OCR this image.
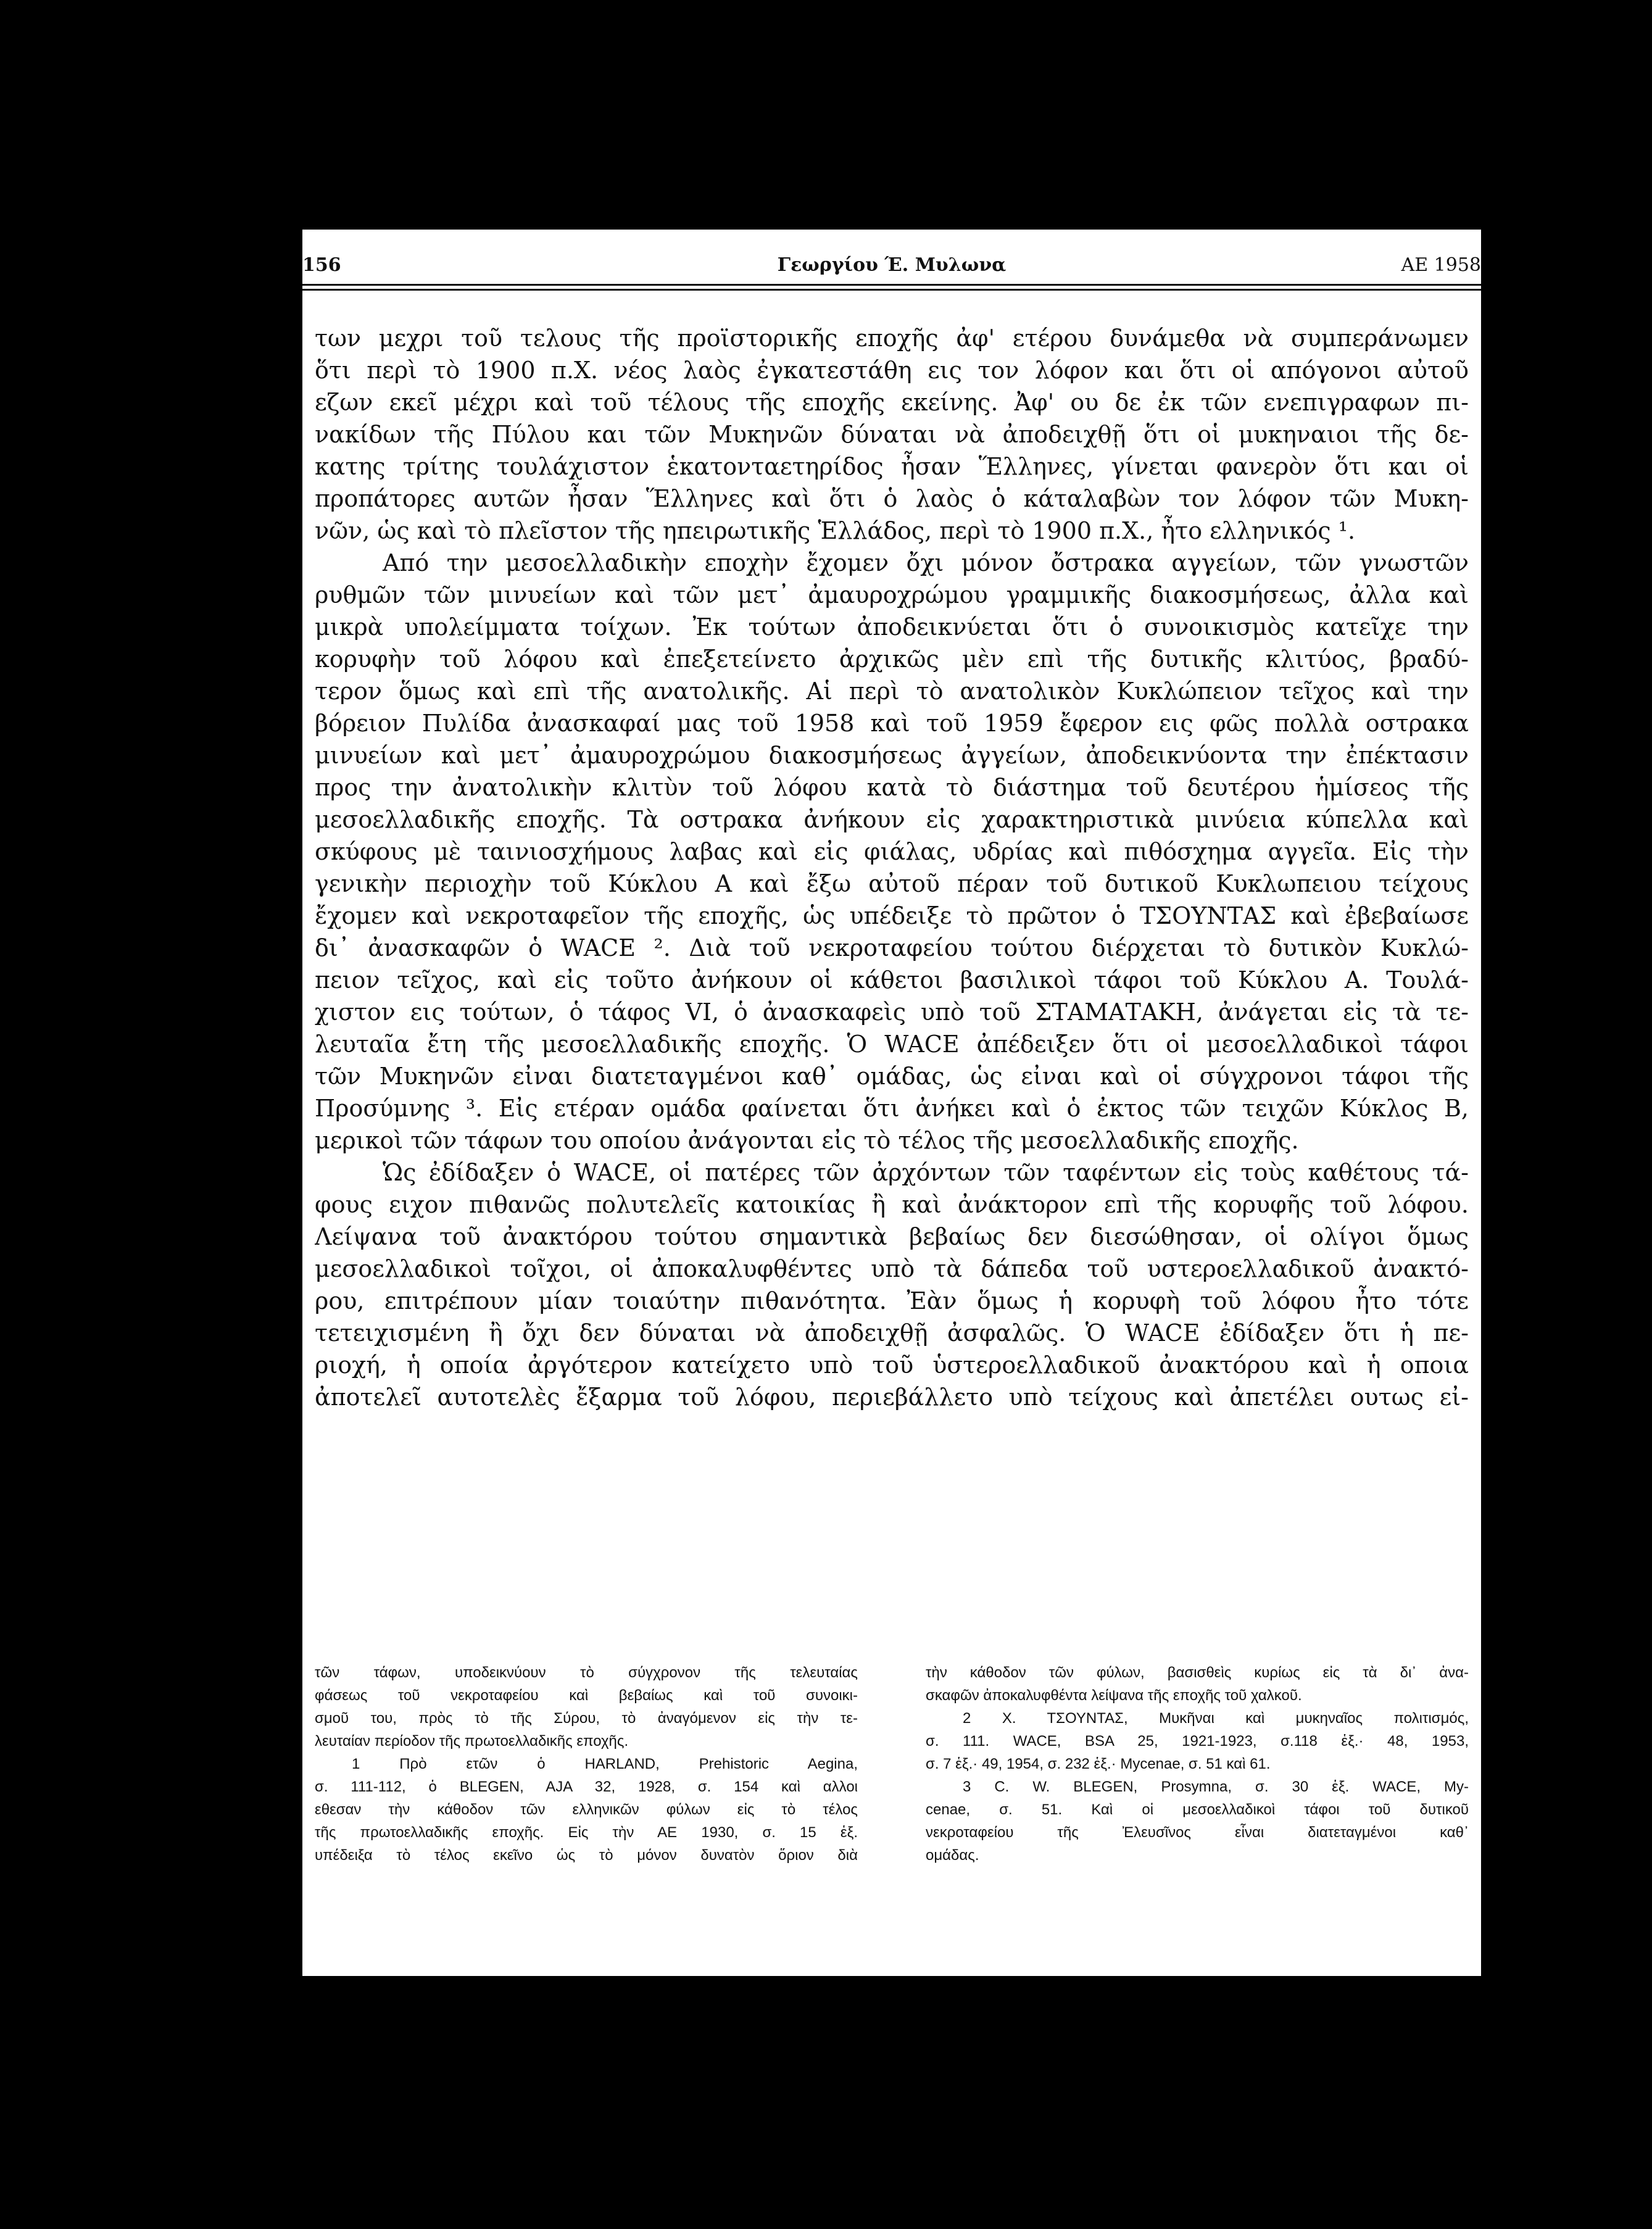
156	Γεωργίου Έ. Μυλωνα	ΑΕ 1958
των μεχρι τοῦ τελους τῆς προϊστορικῆς εποχῆς ἀφ' ετέρου δυνάμεθα νὰ συμπεράνωμεν
ὅτι περὶ τὸ 1900 π.Χ. νέος λαὸς ἐγκατεστάθη εις τον λόφον και ὅτι οἱ απόγονοι αὐτοῦ
εζων εκεῖ μέχρι καὶ τοῦ τέλους τῆς εποχῆς εκείνης. Ἀφ' ου δε ἐκ τῶν ενεπιγραφων πι-
νακίδων τῆς Πύλου και τῶν Μυκηνῶν δύναται νὰ ἀποδειχθῇ ὅτι οἱ μυκηναιοι τῆς δε-
κατης τρίτης τουλάχιστον ἑκατονταετηρίδος ἦσαν Ἕλληνες, γίνεται φανερὸν ὅτι και οἱ
προπάτορες αυτῶν ἦσαν Ἕλληνες καὶ ὅτι ὁ λαὸς ὁ κάταλαβὼν τον λόφον τῶν Μυκη-
νῶν, ὡς καὶ τὸ πλεῖστον τῆς ηπειρωτικῆς Ἑλλάδος, περὶ τὸ 1900 π.Χ., ἦτο ελληνικός ¹.
Από την μεσοελλαδικὴν εποχὴν ἔχομεν ὄχι μόνον ὄστρακα αγγείων, τῶν γνωστῶν
ρυθμῶν τῶν μινυείων καὶ τῶν μετ᾽ ἀμαυροχρώμου γραμμικῆς διακοσμήσεως, ἀλλα καὶ
μικρὰ υπολείμματα τοίχων. Ἐκ τούτων ἀποδεικνύεται ὅτι ὁ συνοικισμὸς κατεῖχε την
κορυφὴν τοῦ λόφου καὶ ἐπεξετείνετο ἀρχικῶς μὲν επὶ τῆς δυτικῆς κλιτύος, βραδύ-
τερον ὅμως καὶ επὶ τῆς ανατολικῆς. Αἱ περὶ τὸ ανατολικὸν Κυκλώπειον τεῖχος καὶ την
βόρειον Πυλίδα ἀνασκαφαί μας τοῦ 1958 καὶ τοῦ 1959 ἔφερον εις φῶς πολλὰ οστρακα
μινυείων καὶ μετ᾽ ἀμαυροχρώμου διακοσμήσεως ἀγγείων, ἀποδεικνύοντα την ἐπέκτασιν
προς την ἀνατολικὴν κλιτὺν τοῦ λόφου κατὰ τὸ διάστημα τοῦ δευτέρου ἡμίσεος τῆς
μεσοελλαδικῆς εποχῆς. Τὰ οστρακα ἀνήκουν εἰς χαρακτηριστικὰ μινύεια κύπελλα καὶ
σκύφους μὲ ταινιοσχήμους λαβας καὶ εἰς φιάλας, υδρίας καὶ πιθόσχημα αγγεῖα. Εἰς τὴν
γενικὴν περιοχὴν τοῦ Κύκλου Α καὶ ἔξω αὐτοῦ πέραν τοῦ δυτικοῦ Κυκλωπειου τείχους
ἔχομεν καὶ νεκροταφεῖον τῆς εποχῆς, ὡς υπέδειξε τὸ πρῶτον ὁ ΤΣΟΥΝΤΑΣ καὶ ἐβεβαίωσε
δι᾽ ἀνασκαφῶν ὁ WACE ². Διὰ τοῦ νεκροταφείου τούτου διέρχεται τὸ δυτικὸν Κυκλώ-
πειον τεῖχος, καὶ εἰς τοῦτο ἀνήκουν οἱ κάθετοι βασιλικοὶ τάφοι τοῦ Κύκλου Α. Τουλά-
χιστον εις τούτων, ὁ τάφος VI, ὁ ἀνασκαφεὶς υπὸ τοῦ ΣΤΑΜΑΤΑΚΗ, ἀνάγεται εἰς τὰ τε-
λευταῖα ἔτη τῆς μεσοελλαδικῆς εποχῆς. Ὁ WACE ἀπέδειξεν ὅτι οἱ μεσοελλαδικοὶ τάφοι
τῶν Μυκηνῶν εἰναι διατεταγμένοι καθ᾽ ομάδας, ὡς εἰναι καὶ οἱ σύγχρονοι τάφοι τῆς
Προσύμνης ³. Εἰς ετέραν ομάδα φαίνεται ὅτι ἀνήκει καὶ ὁ ἐκτος τῶν τειχῶν Κύκλος Β,
μερικοὶ τῶν τάφων του οποίου ἀνάγονται εἰς τὸ τέλος τῆς μεσοελλαδικῆς εποχῆς.
Ὡς ἐδίδαξεν ὁ WACE, οἱ πατέρες τῶν ἀρχόντων τῶν ταφέντων εἰς τοὺς καθέτους τά-
φους ειχον πιθανῶς πολυτελεῖς κατοικίας ἢ καὶ ἀνάκτορον επὶ τῆς κορυφῆς τοῦ λόφου.
Λείψανα τοῦ ἀνακτόρου τούτου σημαντικὰ βεβαίως δεν διεσώθησαν, οἱ ολίγοι ὅμως
μεσοελλαδικοὶ τοῖχοι, οἱ ἀποκαλυφθέντες υπὸ τὰ δάπεδα τοῦ υστεροελλαδικοῦ ἀνακτό-
ρου, επιτρέπουν μίαν τοιαύτην πιθανότητα. Ἐὰν ὅμως ἡ κορυφὴ τοῦ λόφου ἦτο τότε
τετειχισμένη ἢ ὄχι δεν δύναται νὰ ἀποδειχθῇ ἀσφαλῶς. Ὁ WACE ἐδίδαξεν ὅτι ἡ πε-
ριοχή, ἡ οποία ἀργότερον κατείχετο υπὸ τοῦ ὑστεροελλαδικοῦ ἀνακτόρου καὶ ἡ οποια
ἀποτελεῖ αυτοτελὲς ἔξαρμα τοῦ λόφου, περιεβάλλετο υπὸ τείχους καὶ ἀπετέλει ουτως εἰ-
τῶν τάφων, υποδεικνύουν τὸ σύγχρονον τῆς τελευταίας
φάσεως τοῦ νεκροταφείου καὶ βεβαίως καὶ τοῦ συνοικι-
σμοῦ του, πρὸς τὸ τῆς Σύρου, τὸ ἀναγόμενον εἰς τὴν τε-
λευταίαν περίοδον τῆς πρωτοελλαδικῆς εποχῆς.
1 Πρὸ ετῶν ὁ HARLAND, Prehistoric Aegina,
σ. 111-112, ὁ BLEGEN, AJA 32, 1928, σ. 154 καὶ αλλοι
εθεσαν τὴν κάθοδον τῶν ελληνικῶν φύλων εἰς τὸ τέλος
τῆς πρωτοελλαδικῆς εποχῆς. Εἰς τὴν ΑΕ 1930, σ. 15 ἑξ.
υπέδειξα τὸ τέλος εκεῖνο ὡς τὸ μόνον δυνατὸν ὅριον διὰ
τὴν κάθοδον τῶν φύλων, βασισθεὶς κυρίως εἰς τὰ δι᾽ ἀνα-
σκαφῶν ἀποκαλυφθέντα λείψανα τῆς εποχῆς τοῦ χαλκοῦ.
2 Χ. ΤΣΟΥΝΤΑΣ, Μυκῆναι καὶ μυκηναῖος πολιτισμός,
σ. 111. WACE, BSA 25, 1921-1923, σ.118 ἑξ.· 48, 1953,
σ. 7 ἑξ.· 49, 1954, σ. 232 ἑξ.· Mycenae, σ. 51 καὶ 61.
3 C. W. BLEGEN, Prosymna, σ. 30 ἑξ. WACE, My-
cenae, σ. 51. Καὶ οἱ μεσοελλαδικοὶ τάφοι τοῦ δυτικοῦ
νεκροταφείου τῆς Ἐλευσῖνος εἶναι διατεταγμένοι καθ᾽
ομάδας.
